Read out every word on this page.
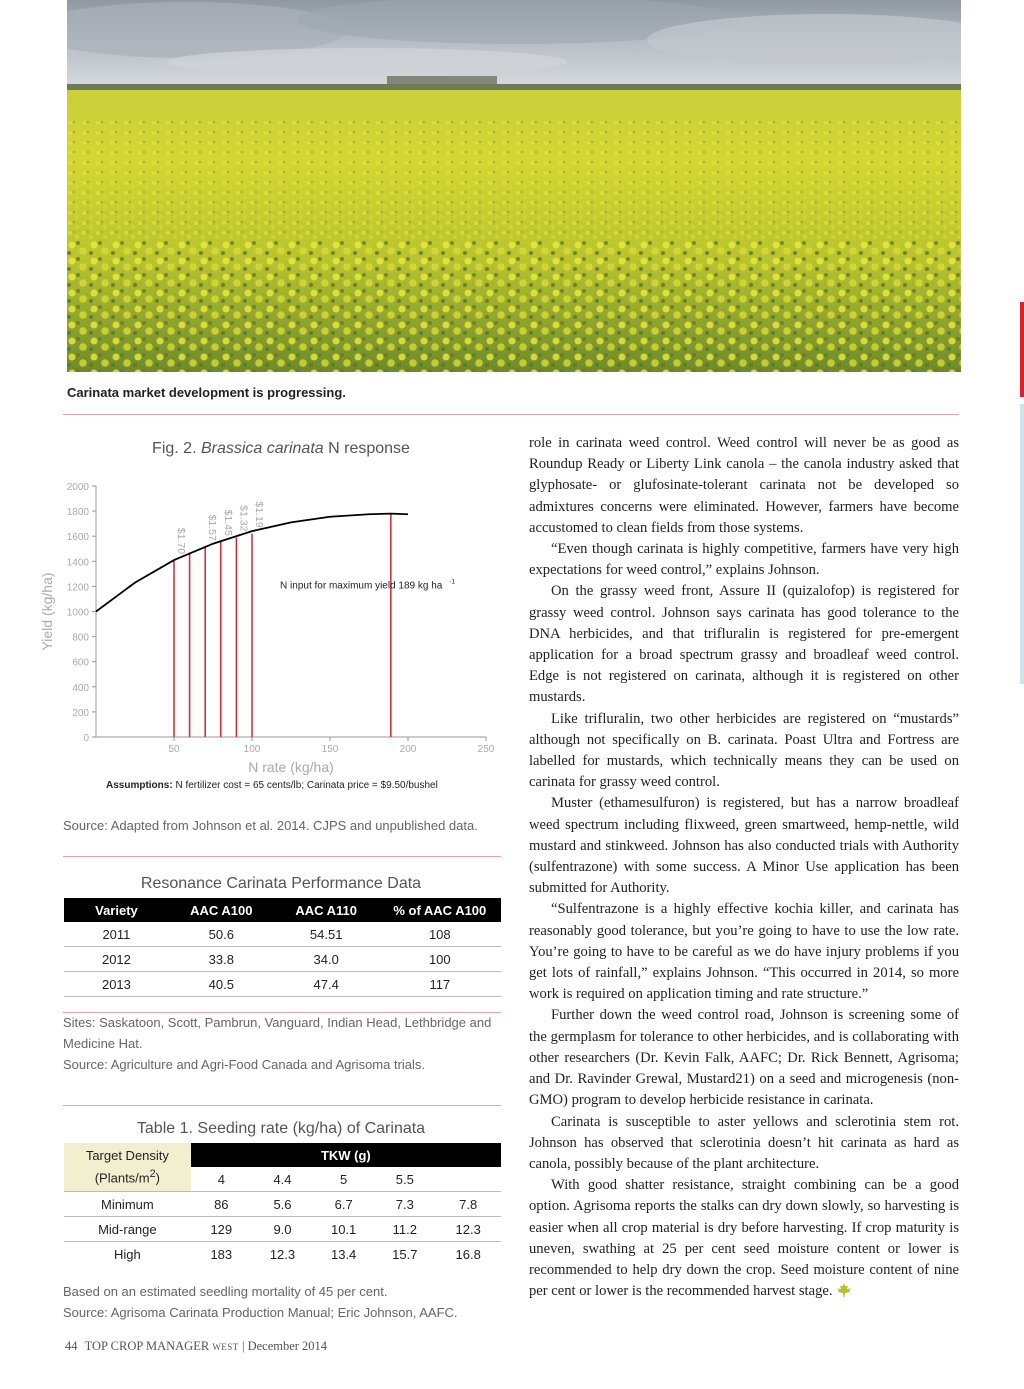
Carinata market development is progressing.
Fig. 2. Brassica carinata N response
0
200
400
600
800
1000
1200
1400
1600
1800
2000
50	100	150	200	250
N rate (kg/ha)
Yield (kg/ha)
$1.70
$1.57 $1.45 $1.32 $1.19
N input for maximum yield 189 kg ha -1
Assumptions: N fertilizer cost = 65 cents/lb; Carinata price = $9.50/bushel
Source: Adapted from Johnson et al. 2014. CJPS and unpublished data.
Resonance Carinata Performance Data
Variety	AAC A100	AAC A110	% of AAC A100
2011	50.6	54.51	108
2012	33.8	34.0	100
2013	40.5	47.4	117
Sites: Saskatoon, Scott, Pambrun, Vanguard, Indian Head, Lethbridge and Medicine Hat.
Source: Agriculture and Agri-Food Canada and Agrisoma trials.
Table 1. Seeding rate (kg/ha) of Carinata
Target Density
$(Plants/m^2)$	TKW (g)				
	4	4.4	5	5.5	
Minimum	86	5.6	6.7	7.3	7.8
Mid-range	129	9.0	10.1	11.2	12.3
High	183	12.3	13.4	15.7	16.8
Based on an estimated seedling mortality of 45 per cent.
Source: Agrisoma Carinata Production Manual; Eric Johnson, AAFC.

role in carinata weed control. Weed control will never be as good as Roundup Ready or Liberty Link canola – the canola industry asked that glyphosate- or glufosinate-tolerant carinata not be developed so admixtures concerns were eliminated. However, farmers have become accustomed to clean fields from those systems.

“Even though carinata is highly competitive, farmers have very high expectations for weed control,” explains Johnson.

On the grassy weed front, Assure II (quizalofop) is registered for grassy weed control. Johnson says carinata has good tolerance to the DNA herbicides, and that trifluralin is registered for pre-emergent application for a broad spectrum grassy and broadleaf weed control. Edge is not registered on carinata, although it is registered on other mustards.

Like trifluralin, two other herbicides are registered on “mustards” although not specifically on B. carinata. Poast Ultra and Fortress are labelled for mustards, which technically means they can be used on carinata for grassy weed control.

Muster (ethamesulfuron) is registered, but has a narrow broadleaf weed spectrum including flixweed, green smartweed, hemp-nettle, wild mustard and stinkweed. Johnson has also conducted trials with Authority (sulfentrazone) with some success. A Minor Use application has been submitted for Authority.

“Sulfentrazone is a highly effective kochia killer, and carinata has reasonably good tolerance, but you’re going to have to use the low rate. You’re going to have to be careful as we do have injury problems if you get lots of rainfall,” explains Johnson. “This occurred in 2014, so more work is required on application timing and rate structure.”

Further down the weed control road, Johnson is screening some of the germplasm for tolerance to other herbicides, and is collaborating with other researchers (Dr. Kevin Falk, AAFC; Dr. Rick Bennett, Agrisoma; and Dr. Ravinder Grewal, Mustard21) on a seed and microgenesis (non-GMO) program to develop herbicide resistance in carinata.

Carinata is susceptible to aster yellows and sclerotinia stem rot. Johnson has observed that sclerotinia doesn’t hit carinata as hard as canola, possibly because of the plant architecture.

With good shatter resistance, straight combining can be a good option. Agrisoma reports the stalks can dry down slowly, so harvesting is easier when all crop material is dry before harvesting. If crop maturity is uneven, swathing at 25 per cent seed moisture content or lower is recommended to help dry down the crop. Seed moisture content of nine per cent or lower is the recommended harvest stage.

44 TOP CROP MANAGER WEST | December 2014
